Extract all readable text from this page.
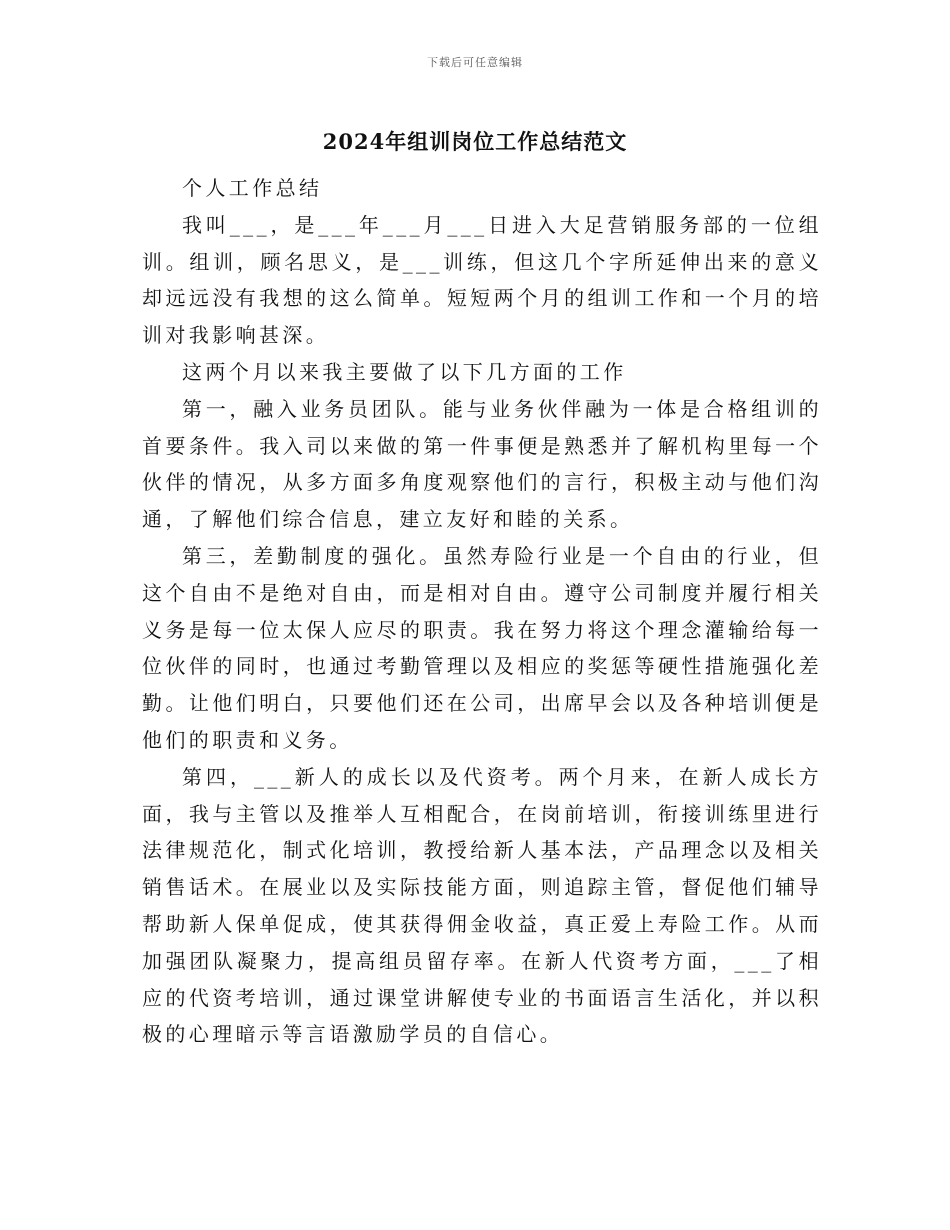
下载后可任意编辑
2024年组训岗位工作总结范文

个人工作总结

我叫___，是___年___月___日进入大足营销服务部的一位组训。组训，顾名思义，是___训练，但这几个字所延伸出来的意义却远远没有我想的这么简单。短短两个月的组训工作和一个月的培训对我影响甚深。

这两个月以来我主要做了以下几方面的工作

第一，融入业务员团队。能与业务伙伴融为一体是合格组训的首要条件。我入司以来做的第一件事便是熟悉并了解机构里每一个伙伴的情况，从多方面多角度观察他们的言行，积极主动与他们沟通，了解他们综合信息，建立友好和睦的关系。

第三，差勤制度的强化。虽然寿险行业是一个自由的行业，但这个自由不是绝对自由，而是相对自由。遵守公司制度并履行相关义务是每一位太保人应尽的职责。我在努力将这个理念灌输给每一位伙伴的同时，也通过考勤管理以及相应的奖惩等硬性措施强化差勤。让他们明白，只要他们还在公司，出席早会以及各种培训便是他们的职责和义务。

第四，___新人的成长以及代资考。两个月来，在新人成长方面，我与主管以及推举人互相配合，在岗前培训，衔接训练里进行法律规范化，制式化培训，教授给新人基本法，产品理念以及相关销售话术。在展业以及实际技能方面，则追踪主管，督促他们辅导帮助新人保单促成，使其获得佣金收益，真正爱上寿险工作。从而加强团队凝聚力，提高组员留存率。在新人代资考方面，___了相应的代资考培训，通过课堂讲解使专业的书面语言生活化，并以积极的心理暗示等言语激励学员的自信心。
